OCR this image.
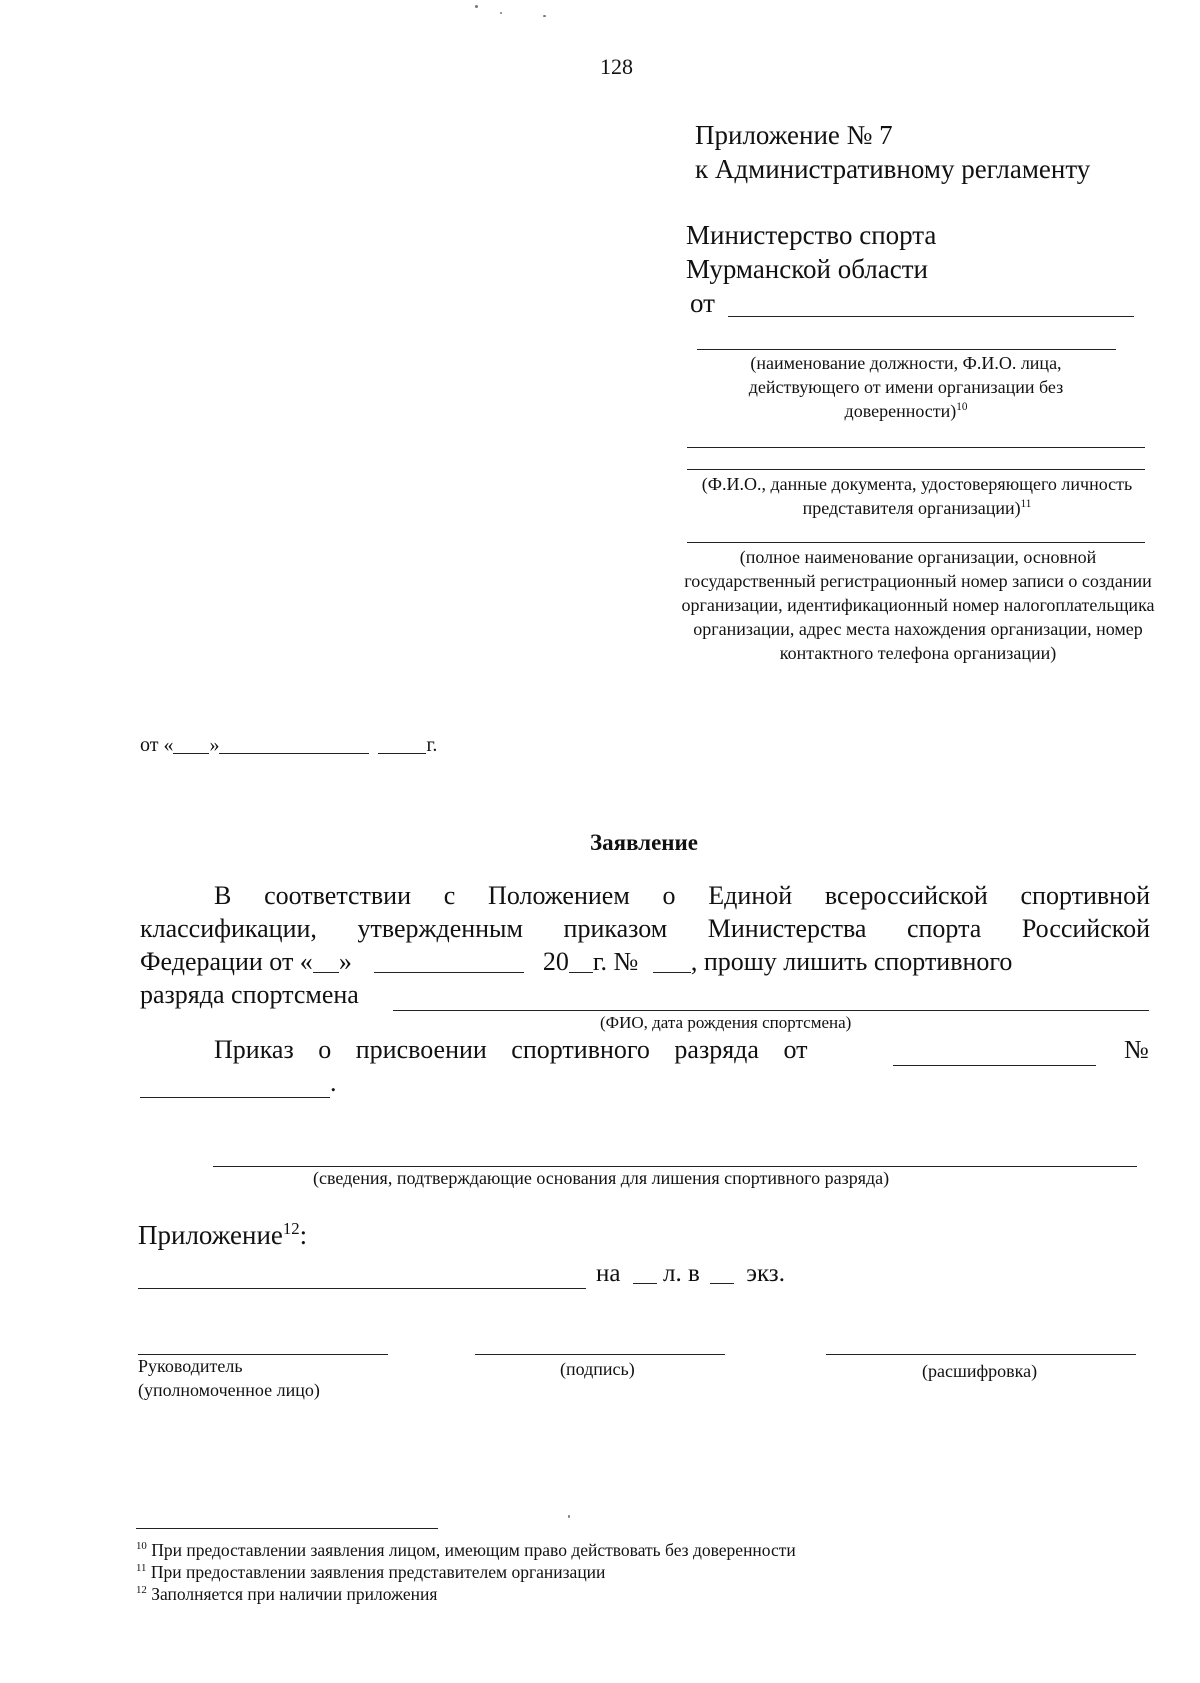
128
Приложение № 7
к Административному регламенту
Министерство спорта
Мурманской области
от
(наименование должности, Ф.И.О. лица, действующего от имени организации без доверенности)$^{10}$
(Ф.И.О., данные документа, удостоверяющего личность представителя организации)$^{11}$
(полное наименование организации, основной государственный регистрационный номер записи о создании организации, идентификационный номер налогоплательщика организации, адрес места нахождения организации, номер контактного телефона организации)
от « »	г.
Заявление
В соответствии с Положением о Единой всероссийской спортивной
классификации, утвержденным приказом Министерства спорта Российской
Федерации от « »	20 г. № , прошу лишить спортивного
разряда спортсмена
(ФИО, дата рождения спортсмена)
Приказ о присвоении спортивного разряда от	№
.
(сведения, подтверждающие основания для лишения спортивного разряда)
Приложение$^{12}$:
на л. в экз.
Руководитель
(уполномоченное лицо)
(подпись)	(расшифровка)
$^{10}$ При предоставлении заявления лицом, имеющим право действовать без доверенности
$^{11}$ При предоставлении заявления представителем организации
$^{12}$ Заполняется при наличии приложения
